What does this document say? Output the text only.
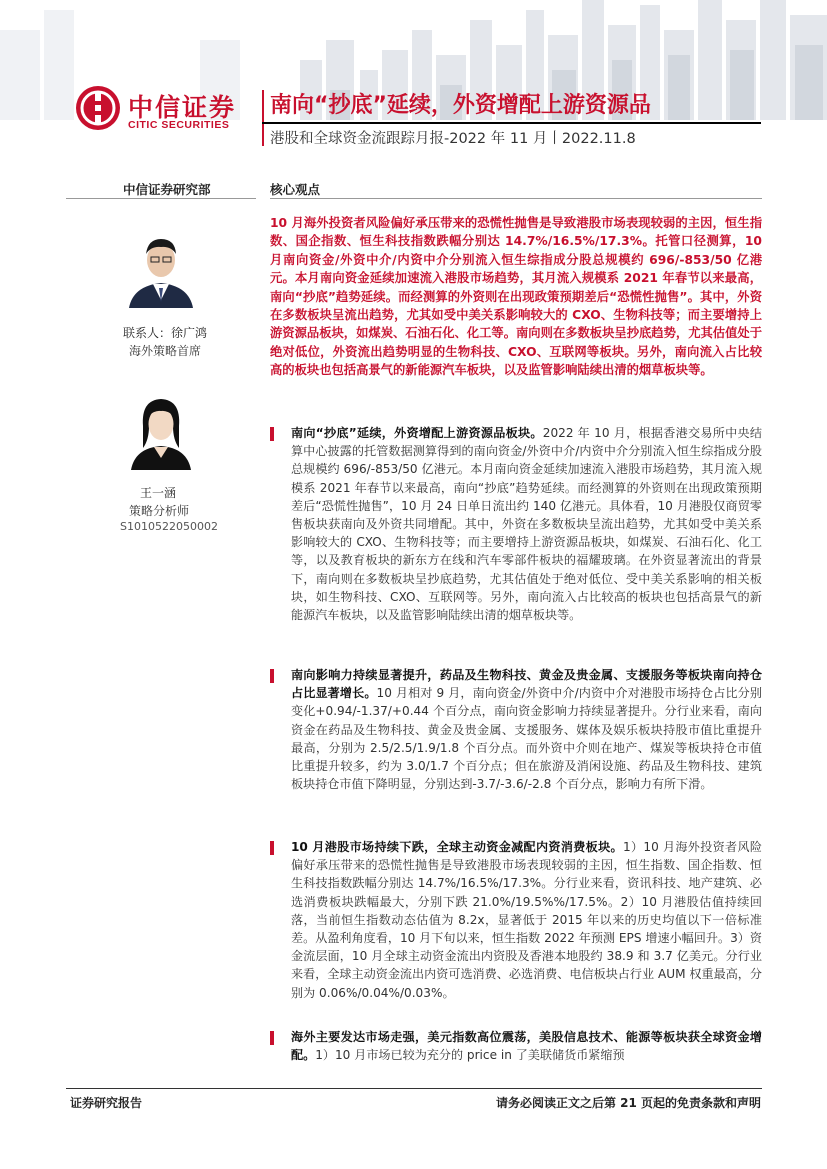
中信证券
CITIC SECURITIES
南向“抄底”延续，外资增配上游资源品
港股和全球资金流跟踪月报-2022 年 11 月丨2022.11.8
中信证券研究部	核心观点
联系人：徐广鸿
海外策略首席
王一涵
策略分析师
S1010522050002
10 月海外投资者风险偏好承压带来的恐慌性抛售是导致港股市场表现较弱的主因，恒生指数、国企指数、恒生科技指数跌幅分别达 14.7%/16.5%/17.3%。托管口径测算，10 月南向资金/外资中介/内资中介分别流入恒生综指成分股总规模约 696/-853/50 亿港元。本月南向资金延续加速流入港股市场趋势，其月流入规模系 2021 年春节以来最高，南向“抄底”趋势延续。而经测算的外资则在出现政策预期差后“恐慌性抛售”。其中，外资在多数板块呈流出趋势，尤其如受中美关系影响较大的 CXO、生物科技等；而主要增持上游资源品板块，如煤炭、石油石化、化工等。南向则在多数板块呈抄底趋势，尤其估值处于绝对低位，外资流出趋势明显的生物科技、CXO、互联网等板块。另外，南向流入占比较高的板块也包括高景气的新能源汽车板块，以及监管影响陆续出清的烟草板块等。
南向“抄底”延续，外资增配上游资源品板块。2022 年 10 月，根据香港交易所中央结算中心披露的托管数据测算得到的南向资金/外资中介/内资中介分别流入恒生综指成分股总规模约 696/-853/50 亿港元。本月南向资金延续加速流入港股市场趋势，其月流入规模系 2021 年春节以来最高，南向“抄底”趋势延续。而经测算的外资则在出现政策预期差后“恐慌性抛售”，10 月 24 日单日流出约 140 亿港元。具体看，10 月港股仅商贸零售板块获南向及外资共同增配。其中，外资在多数板块呈流出趋势，尤其如受中美关系影响较大的 CXO、生物科技等；而主要增持上游资源品板块，如煤炭、石油石化、化工等，以及教育板块的新东方在线和汽车零部件板块的福耀玻璃。在外资显著流出的背景下，南向则在多数板块呈抄底趋势，尤其估值处于绝对低位、受中美关系影响的相关板块，如生物科技、CXO、互联网等。另外，南向流入占比较高的板块也包括高景气的新能源汽车板块，以及监管影响陆续出清的烟草板块等。
南向影响力持续显著提升，药品及生物科技、黄金及贵金属、支援服务等板块南向持仓占比显著增长。10 月相对 9 月，南向资金/外资中介/内资中介对港股市场持仓占比分别变化+0.94/-1.37/+0.44 个百分点，南向资金影响力持续显著提升。分行业来看，南向资金在药品及生物科技、黄金及贵金属、支援服务、媒体及娱乐板块持股市值比重提升最高，分别为 2.5/2.5/1.9/1.8 个百分点。而外资中介则在地产、煤炭等板块持仓市值比重提升较多，约为 3.0/1.7 个百分点；但在旅游及消闲设施、药品及生物科技、建筑板块持仓市值下降明显，分别达到-3.7/-3.6/-2.8 个百分点，影响力有所下滑。
10 月港股市场持续下跌，全球主动资金减配内资消费板块。1）10 月海外投资者风险偏好承压带来的恐慌性抛售是导致港股市场表现较弱的主因，恒生指数、国企指数、恒生科技指数跌幅分别达 14.7%/16.5%/17.3%。分行业来看，资讯科技、地产建筑、必选消费板块跌幅最大，分别下跌 21.0%/19.5%%/17.5%。2）10 月港股估值持续回落，当前恒生指数动态估值为 8.2x，显著低于 2015 年以来的历史均值以下一倍标准差。从盈利角度看，10 月下旬以来，恒生指数 2022 年预测 EPS 增速小幅回升。3）资金流层面，10 月全球主动资金流出内资股及香港本地股约 38.9 和 3.7 亿美元。分行业来看，全球主动资金流出内资可选消费、必选消费、电信板块占行业 AUM 权重最高，分别为 0.06%/0.04%/0.03%。
海外主要发达市场走强，美元指数高位震荡，美股信息技术、能源等板块获全球资金增配。1）10 月市场已较为充分的 price in 了美联储货币紧缩预
证券研究报告	请务必阅读正文之后第 21 页起的免责条款和声明
